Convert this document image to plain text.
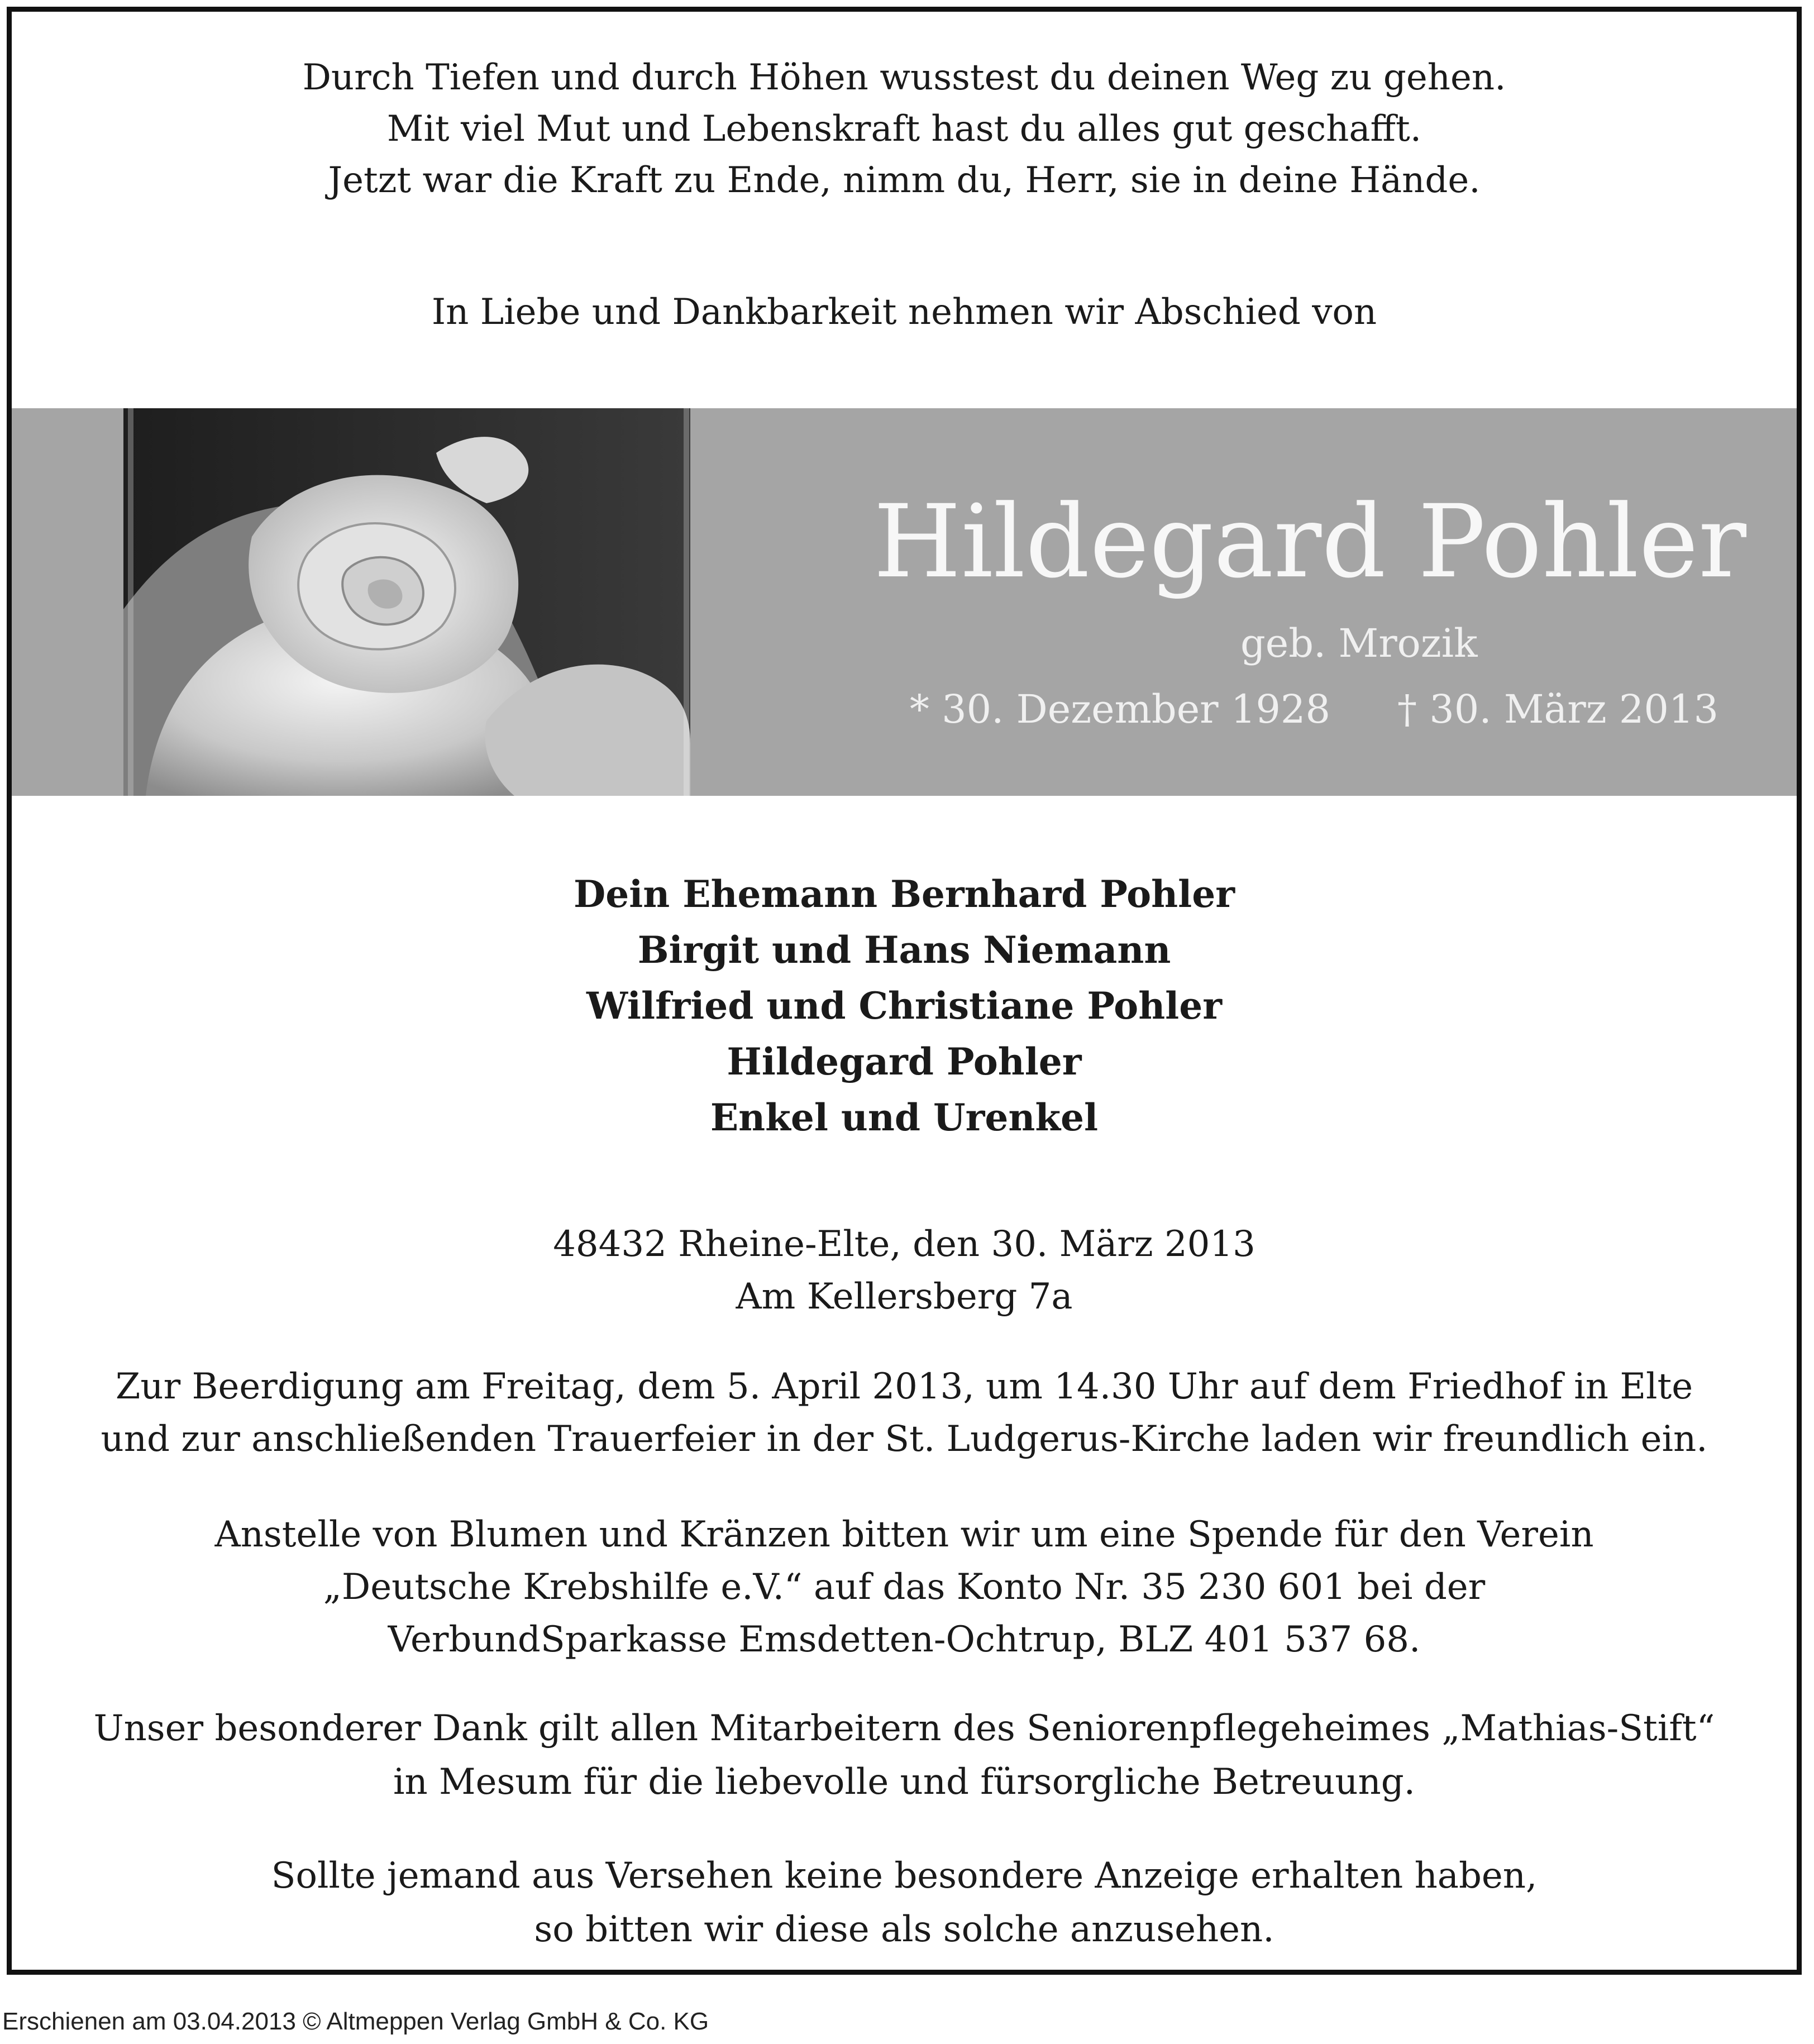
Durch Tiefen und durch Höhen wusstest du deinen Weg zu gehen.
Mit viel Mut und Lebenskraft hast du alles gut geschafft.
Jetzt war die Kraft zu Ende, nimm du, Herr, sie in deine Hände.
In Liebe und Dankbarkeit nehmen wir Abschied von
Hildegard Pohler
geb. Mrozik
* 30. Dezember 1928 † 30. März 2013
Dein Ehemann Bernhard Pohler
Birgit und Hans Niemann
Wilfried und Christiane Pohler
Hildegard Pohler
Enkel und Urenkel
48432 Rheine-Elte, den 30. März 2013
Am Kellersberg 7a
Zur Beerdigung am Freitag, dem 5. April 2013, um 14.30 Uhr auf dem Friedhof in Elte
und zur anschließenden Trauerfeier in der St. Ludgerus-Kirche laden wir freundlich ein.
Anstelle von Blumen und Kränzen bitten wir um eine Spende für den Verein
„Deutsche Krebshilfe e.V.“ auf das Konto Nr. 35 230 601 bei der
VerbundSparkasse Emsdetten-Ochtrup, BLZ 401 537 68.
Unser besonderer Dank gilt allen Mitarbeitern des Seniorenpflegeheimes „Mathias-Stift“
in Mesum für die liebevolle und fürsorgliche Betreuung.
Sollte jemand aus Versehen keine besondere Anzeige erhalten haben,
so bitten wir diese als solche anzusehen.
Erschienen am 03.04.2013 © Altmeppen Verlag GmbH & Co. KG
